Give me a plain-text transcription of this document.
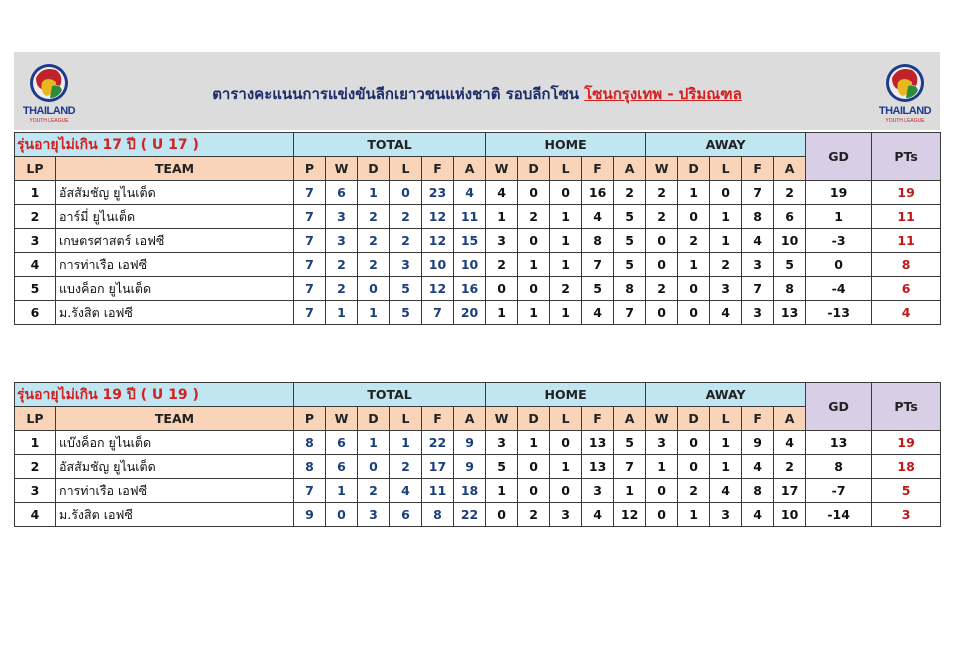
THAILAND
YOUTH LEAGUE
ตารางคะแนนการแข่งขันลีกเยาวชนแห่งชาติ รอบลีกโซน โซนกรุงเทพ - ปริมณฑล
THAILAND
YOUTH LEAGUE
รุ่นอายุไม่เกิน 17 ปี ( U 17 )		TOTAL						HOME					AWAY					GD	PTs
LP	TEAM	P	W	D	L	F	A	W	D	L	F	A	W	D	L	F	A		
1	อัสสัมชัญ ยูไนเต็ด	7	6	1	0	23	4	4	0	0	16	2	2	1	0	7	2	19	19
2	อาร์มี่ ยูไนเต็ด	7	3	2	2	12	11	1	2	1	4	5	2	0	1	8	6	1	11
3	เกษตรศาสตร์ เอฟซี	7	3	2	2	12	15	3	0	1	8	5	0	2	1	4	10	-3	11
4	การท่าเรือ เอฟซี	7	2	2	3	10	10	2	1	1	7	5	0	1	2	3	5	0	8
5	แบงค็อก ยูไนเต็ด	7	2	0	5	12	16	0	0	2	5	8	2	0	3	7	8	-4	6
6	ม.รังสิต เอฟซี	7	1	1	5	7	20	1	1	1	4	7	0	0	4	3	13	-13	4
รุ่นอายุไม่เกิน 19 ปี ( U 19 )		TOTAL						HOME					AWAY					GD	PTs
LP	TEAM	P	W	D	L	F	A	W	D	L	F	A	W	D	L	F	A		
1	แบ๊งค็อก ยูไนเต็ด	8	6	1	1	22	9	3	1	0	13	5	3	0	1	9	4	13	19
2	อัสสัมชัญ ยูไนเต็ด	8	6	0	2	17	9	5	0	1	13	7	1	0	1	4	2	8	18
3	การท่าเรือ เอฟซี	7	1	2	4	11	18	1	0	0	3	1	0	2	4	8	17	-7	5
4	ม.รังสิต เอฟซี	9	0	3	6	8	22	0	2	3	4	12	0	1	3	4	10	-14	3
